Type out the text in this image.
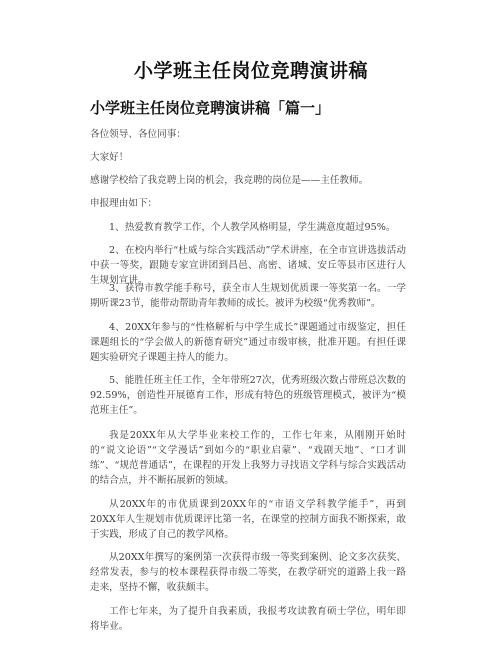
小学班主任岗位竞聘演讲稿
小学班主任岗位竞聘演讲稿「篇一」

各位领导、各位同事：

大家好！

感谢学校给了我竞聘上岗的机会，我竞聘的岗位是——主任教师。

申报理由如下：

1、热爱教育教学工作，个人教学风格明显，学生满意度超过95%。

2、在校内举行“杜威与综合实践活动”学术讲座，在全市宣讲选拔活动中获一等奖，跟随专家宣讲团到昌邑、高密、诸城、安丘等县市区进行人生规划宣讲。

3、获得市教学能手称号，获全市人生规划优质课一等奖第一名。一学期听课23节，能带动帮助青年教师的成长。被评为校级“优秀教师”。

4、20XX年参与的“性格解析与中学生成长”课题通过市级鉴定，担任课题组长的“学会做人的新德育研究”通过市级审核，批准开题。有担任课题实验研究子课题主持人的能力。

5、能胜任班主任工作，全年带班27次，优秀班级次数占带班总次数的92.59%，创造性开展德育工作，形成有特色的班级管理模式，被评为“模范班主任”。

我是20XX年从大学毕业来校工作的，工作七年来，从刚刚开始时的“说文论语”“文学漫话”到如今的“职业启蒙”、“戏剧天地”、“口才训练”、“规范普通话”，在课程的开发上我努力寻找语文学科与综合实践活动的结合点，并不断拓展新的领域。

从20XX年的市优质课到20XX年的“市语文学科教学能手”，再到20XX年人生规划市优质课评比第一名，在课堂的控制方面我不断探索，敢于实践，形成了自己的教学风格。

从20XX年撰写的案例第一次获得市级一等奖到案例、论文多次获奖、经常发表，参与的校本课程获得市级二等奖，在教学研究的道路上我一路走来，坚持不懈，收获颇丰。

工作七年来，为了提升自我素质，我报考攻读教育硕士学位，明年即将毕业。
